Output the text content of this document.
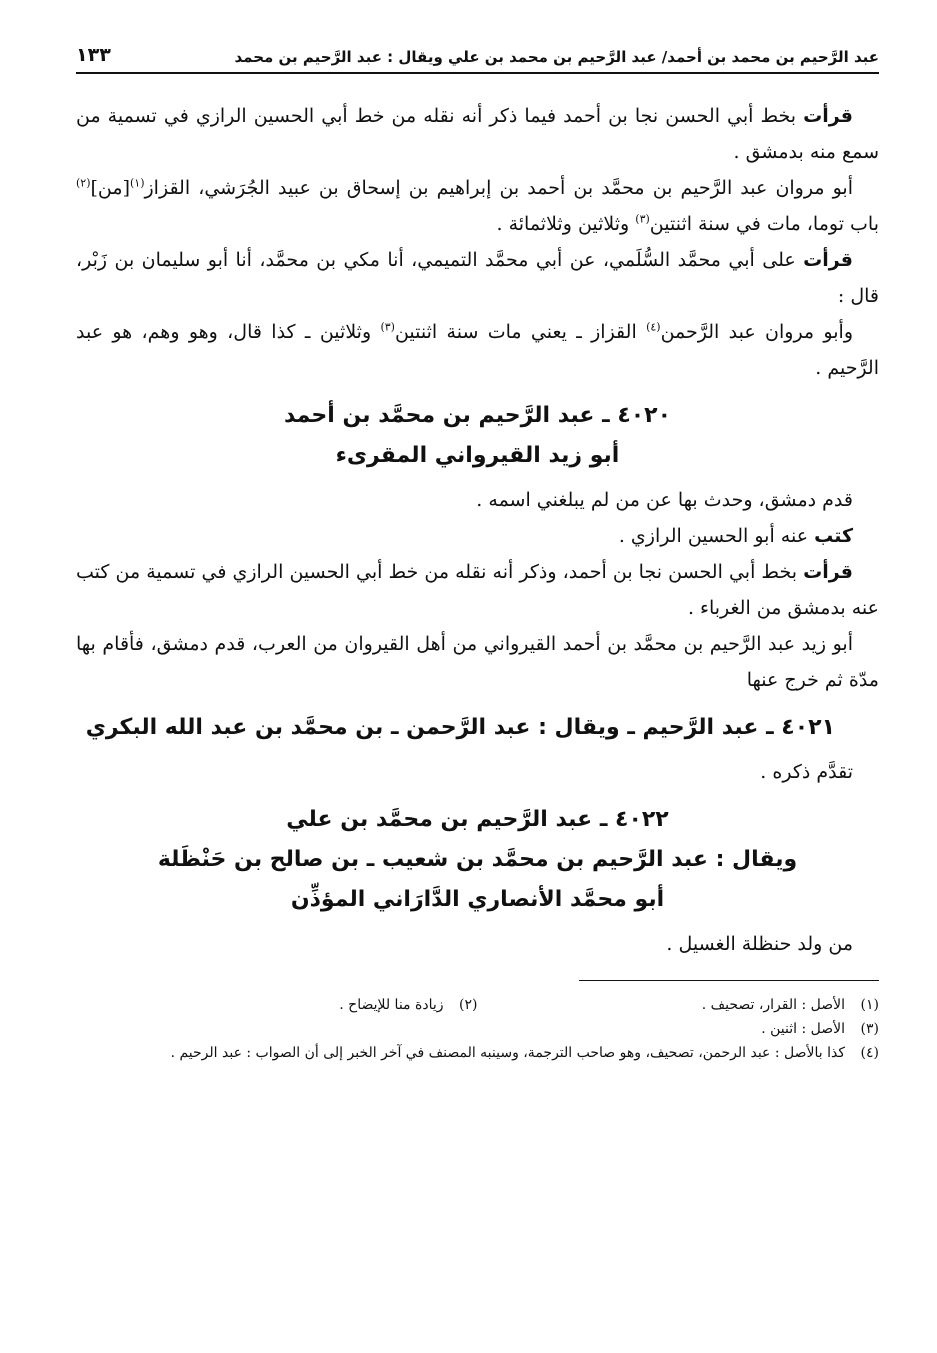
عبد الرَّحيم بن محمد بن أحمد/ عبد الرَّحيم بن محمد بن علي ويقال : عبد الرَّحيم بن محمد
١٣٣

قرأت بخط أبي الحسن نجا بن أحمد فيما ذكر أنه نقله من خط أبي الحسين الرازي في تسمية من سمع منه بدمشق .

أبو مروان عبد الرَّحيم بن محمَّد بن أحمد بن إبراهيم بن إسحاق بن عبيد الجُرَشي، القزاز$^{(١)}$[من]$^{(٢)}$ باب توما، مات في سنة اثنتين$^{(٣)}$ وثلاثين وثلاثمائة .

قرأت على أبي محمَّد السُّلَمي، عن أبي محمَّد التميمي، أنا مكي بن محمَّد، أنا أبو سليمان بن زَبْر، قال :

وأبو مروان عبد الرَّحمن$^{(٤)}$ القزاز ـ يعني مات سنة اثنتين$^{(٣)}$ وثلاثين ـ كذا قال، وهو وهم، هو عبد الرَّحيم .

٤٠٢٠ ـ عبد الرَّحيم بن محمَّد بن أحمد
أبو زيد القيرواني المقرىء

قدم دمشق، وحدث بها عن من لم يبلغني اسمه .

كتب عنه أبو الحسين الرازي .

قرأت بخط أبي الحسن نجا بن أحمد، وذكر أنه نقله من خط أبي الحسين الرازي في تسمية من كتب عنه بدمشق من الغرباء .

أبو زيد عبد الرَّحيم بن محمَّد بن أحمد القيرواني من أهل القيروان من العرب، قدم دمشق، فأقام بها مدّة ثم خرج عنها

٤٠٢١ ـ عبد الرَّحيم ـ ويقال : عبد الرَّحمن ـ بن محمَّد بن عبد الله البكري

تقدَّم ذكره .

٤٠٢٢ ـ عبد الرَّحيم بن محمَّد بن علي
ويقال : عبد الرَّحيم بن محمَّد بن شعيب ـ بن صالح بن حَنْظَلة
أبو محمَّد الأنصاري الدَّارَاني المؤذِّن

من ولد حنظلة الغسيل .

(١)الأصل : القرار، تصحيف .
(٢)زيادة منا للإيضاح .
(٣)الأصل : اثنين .
(٤)كذا بالأصل : عبد الرحمن، تصحيف، وهو صاحب الترجمة، وسينبه المصنف في آخر الخبر إلى أن الصواب : عبد الرحيم .
